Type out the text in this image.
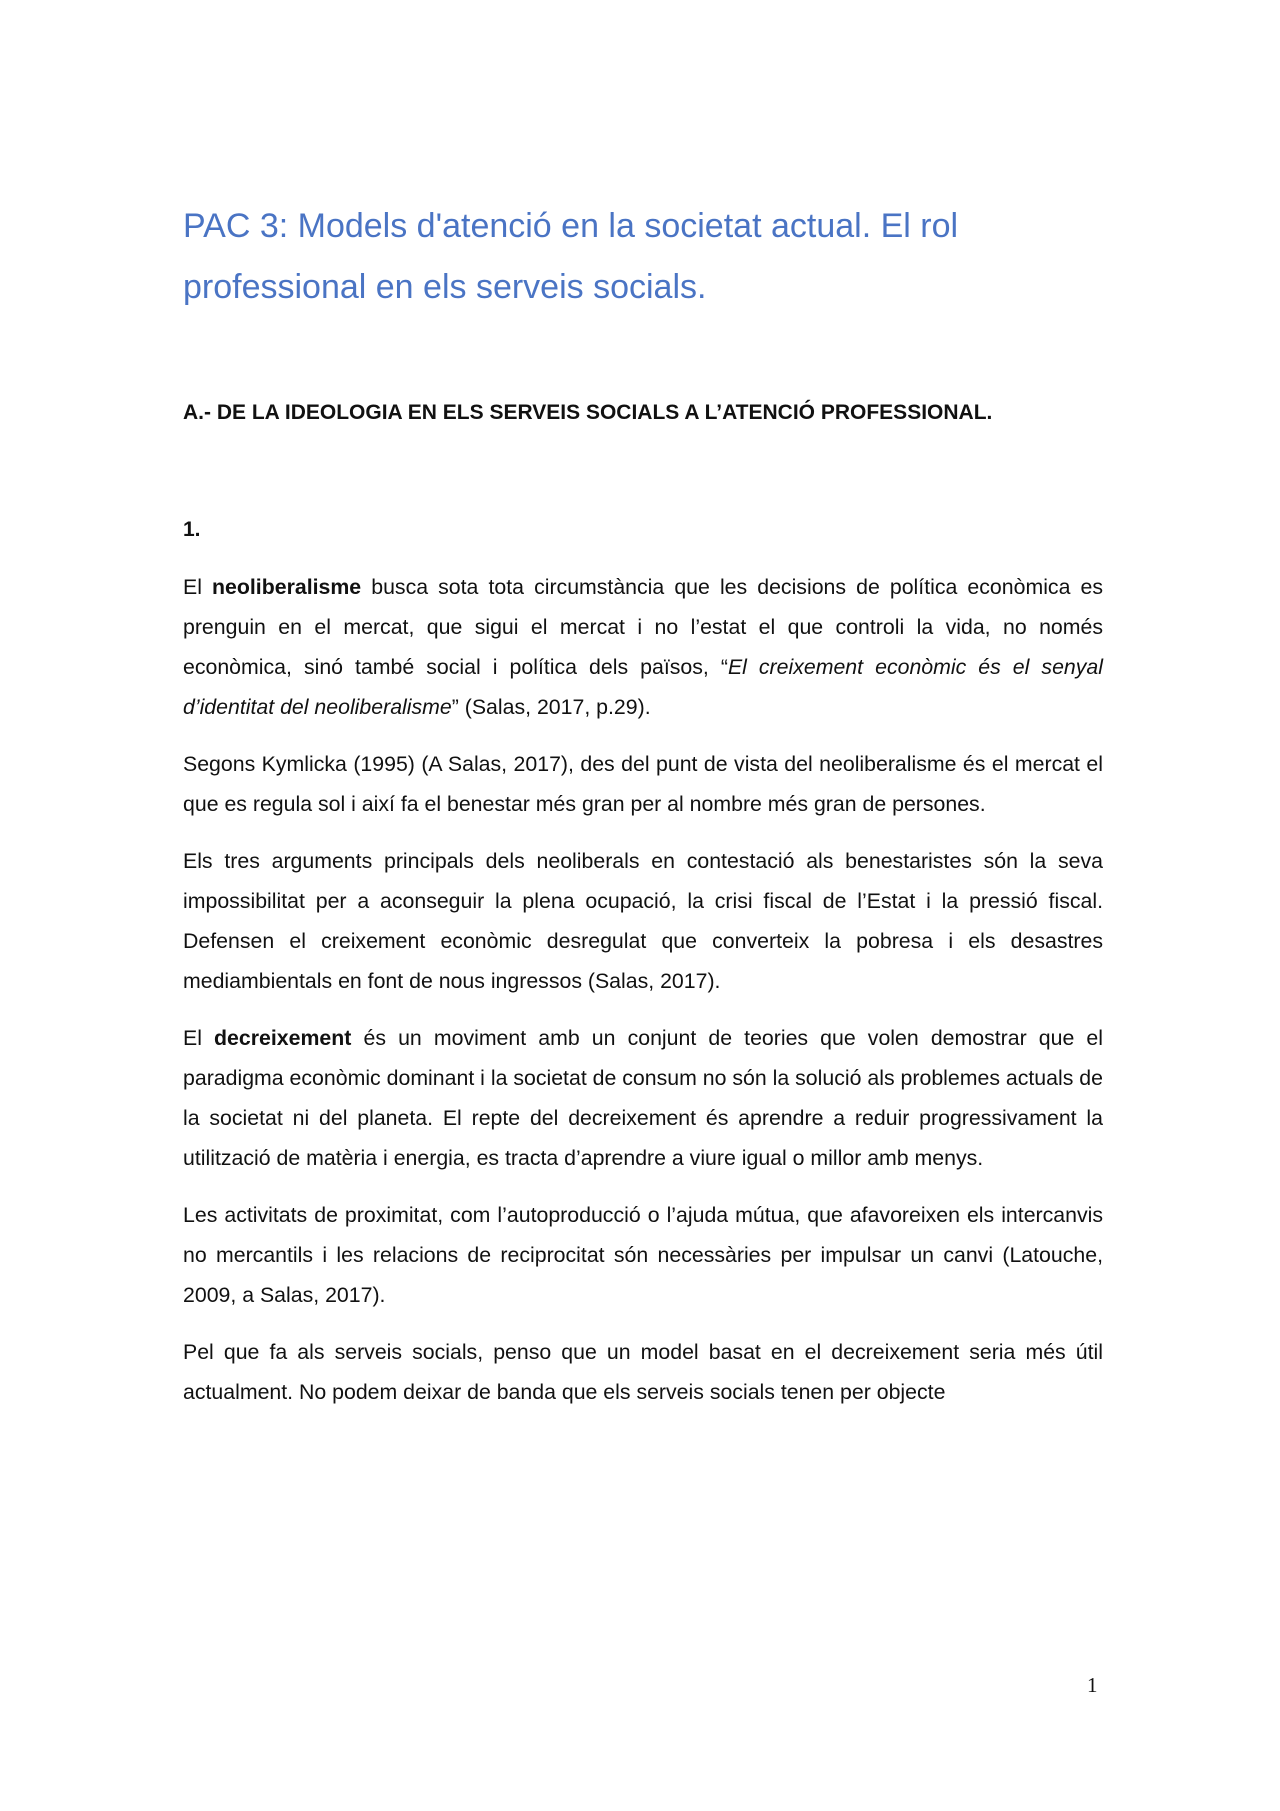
PAC 3: Models d'atenció en la societat actual. El rol professional en els serveis socials.
A.- DE LA IDEOLOGIA EN ELS SERVEIS SOCIALS A L’ATENCIÓ PROFESSIONAL.
1.

El neoliberalisme busca sota tota circumstància que les decisions de política econòmica es prenguin en el mercat, que sigui el mercat i no l’estat el que controli la vida, no només econòmica, sinó també social i política dels països, “El creixement econòmic és el senyal d’identitat del neoliberalisme” (Salas, 2017, p.29).

Segons Kymlicka (1995) (A Salas, 2017), des del punt de vista del neoliberalisme és el mercat el que es regula sol i així fa el benestar més gran per al nombre més gran de persones.

Els tres arguments principals dels neoliberals en contestació als benestaristes són la seva impossibilitat per a aconseguir la plena ocupació, la crisi fiscal de l’Estat i la pressió fiscal. Defensen el creixement econòmic desregulat que converteix la pobresa i els desastres mediambientals en font de nous ingressos (Salas, 2017).

El decreixement és un moviment amb un conjunt de teories que volen demostrar que el paradigma econòmic dominant i la societat de consum no són la solució als problemes actuals de la societat ni del planeta. El repte del decreixement és aprendre a reduir progressivament la utilització de matèria i energia, es tracta d’aprendre a viure igual o millor amb menys.

Les activitats de proximitat, com l’autoproducció o l’ajuda mútua, que afavoreixen els intercanvis no mercantils i les relacions de reciprocitat són necessàries per impulsar un canvi (Latouche, 2009, a Salas, 2017).

Pel que fa als serveis socials, penso que un model basat en el decreixement seria més útil actualment. No podem deixar de banda que els serveis socials tenen per objecte

1
